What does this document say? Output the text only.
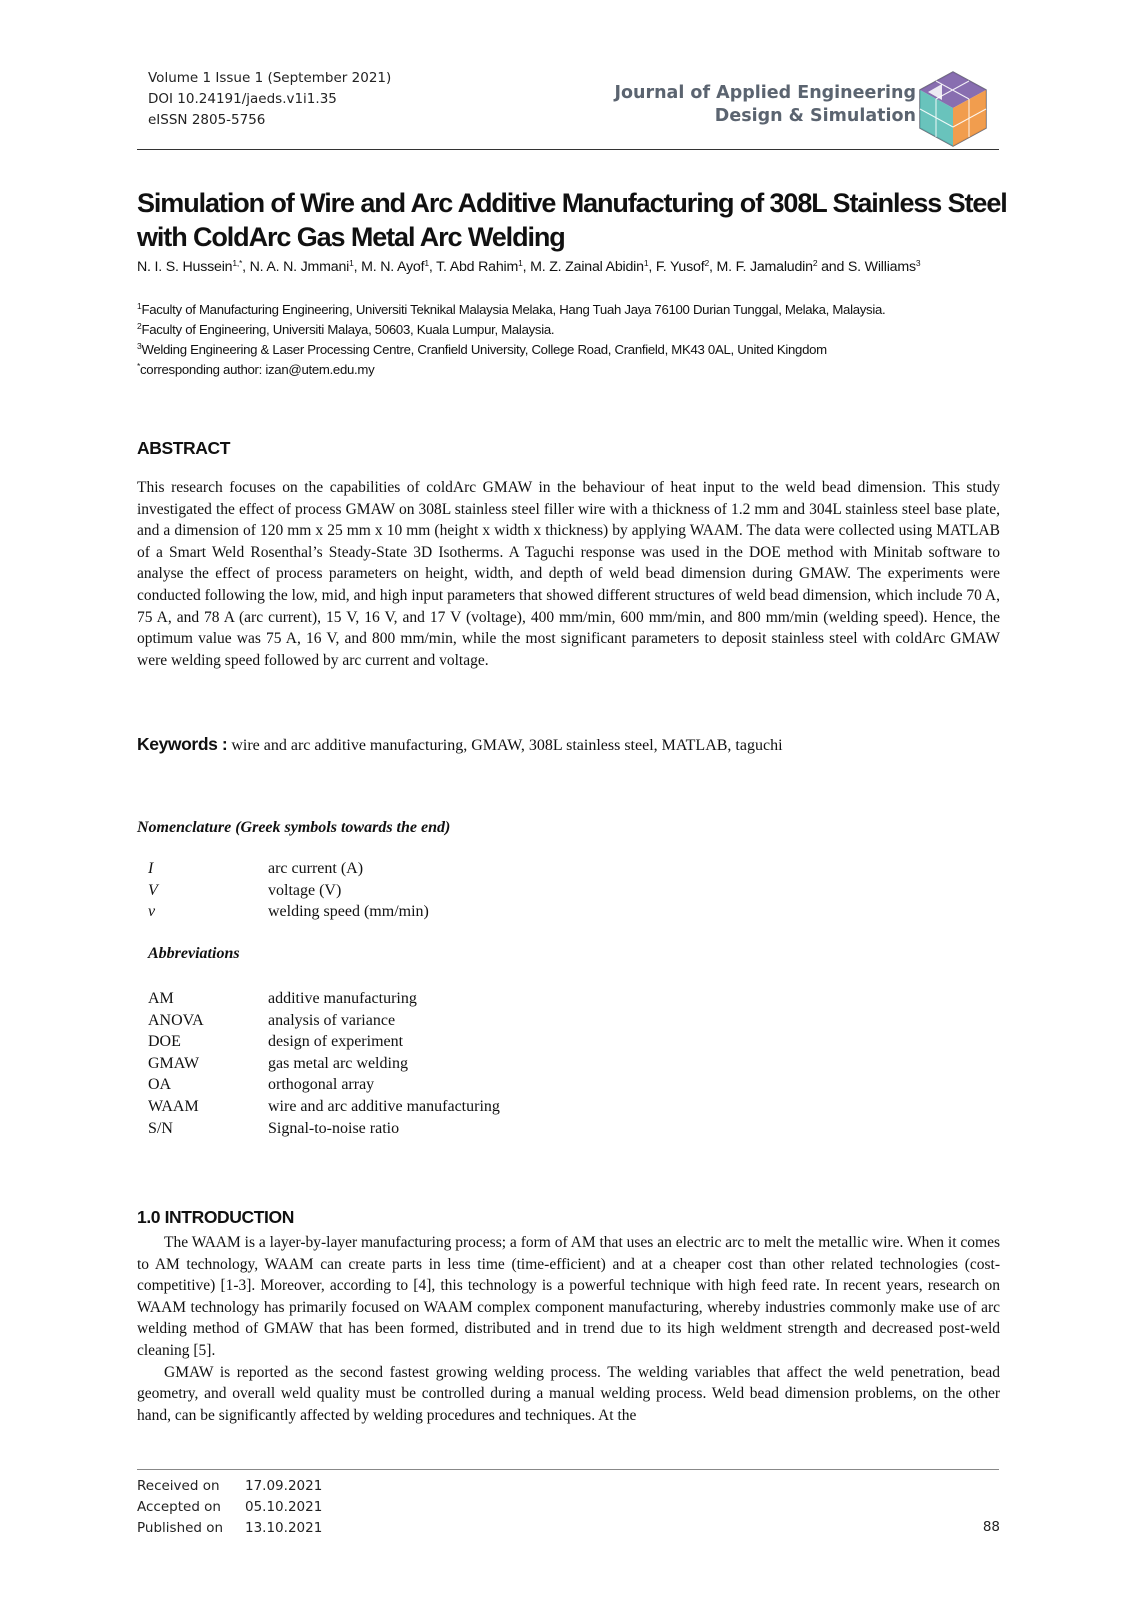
Volume 1 Issue 1 (September 2021)
DOI 10.24191/jaeds.v1i1.35
eISSN 2805-5756
Journal of Applied Engineering
Design & Simulation
Simulation of Wire and Arc Additive Manufacturing of 308L Stainless Steel with ColdArc Gas Metal Arc Welding
N. I. S. Hussein$^{1,*}$, N. A. N. Jmmani$^1$, M. N. Ayof$^1$, T. Abd Rahim$^1$, M. Z. Zainal Abidin$^1$, F. Yusof$^2$, M. F. Jamaludin$^2$ and S. Williams$^3$
$^1$Faculty of Manufacturing Engineering, Universiti Teknikal Malaysia Melaka, Hang Tuah Jaya 76100 Durian Tunggal, Melaka, Malaysia.
$^2$Faculty of Engineering, Universiti Malaya, 50603, Kuala Lumpur, Malaysia.
$^3$Welding Engineering & Laser Processing Centre, Cranfield University, College Road, Cranfield, MK43 0AL, United Kingdom
*corresponding author: izan@utem.edu.my
ABSTRACT

This research focuses on the capabilities of coldArc GMAW in the behaviour of heat input to the weld bead dimension. This study investigated the effect of process GMAW on 308L stainless steel filler wire with a thickness of 1.2 mm and 304L stainless steel base plate, and a dimension of 120 mm x 25 mm x 10 mm (height x width x thickness) by applying WAAM. The data were collected using MATLAB of a Smart Weld Rosenthal’s Steady-State 3D Isotherms. A Taguchi response was used in the DOE method with Minitab software to analyse the effect of process parameters on height, width, and depth of weld bead dimension during GMAW. The experiments were conducted following the low, mid, and high input parameters that showed different structures of weld bead dimension, which include 70 A, 75 A, and 78 A (arc current), 15 V, 16 V, and 17 V (voltage), 400 mm/min, 600 mm/min, and 800 mm/min (welding speed). Hence, the optimum value was 75 A, 16 V, and 800 mm/min, while the most significant parameters to deposit stainless steel with coldArc GMAW were welding speed followed by arc current and voltage.

Keywords : wire and arc additive manufacturing, GMAW, 308L stainless steel, MATLAB, taguchi
Nomenclature (Greek symbols towards the end)
I	arc current (A)
V	voltage (V)
v	welding speed (mm/min)
Abbreviations
AM	additive manufacturing
ANOVA	analysis of variance
DOE	design of experiment
GMAW	gas metal arc welding
OA	orthogonal array
WAAM	wire and arc additive manufacturing
S/N	Signal-to-noise ratio
1.0 INTRODUCTION

The WAAM is a layer-by-layer manufacturing process; a form of AM that uses an electric arc to melt the metallic wire. When it comes to AM technology, WAAM can create parts in less time (time-efficient) and at a cheaper cost than other related technologies (cost-competitive) [1-3]. Moreover, according to [4], this technology is a powerful technique with high feed rate. In recent years, research on WAAM technology has primarily focused on WAAM complex component manufacturing, whereby industries commonly make use of arc welding method of GMAW that has been formed, distributed and in trend due to its high weldment strength and decreased post-weld cleaning [5].

GMAW is reported as the second fastest growing welding process. The welding variables that affect the weld penetration, bead geometry, and overall weld quality must be controlled during a manual welding process. Weld bead dimension problems, on the other hand, can be significantly affected by welding procedures and techniques. At the

Received on	17.09.2021
Accepted on	05.10.2021
Published on	13.10.2021	88
